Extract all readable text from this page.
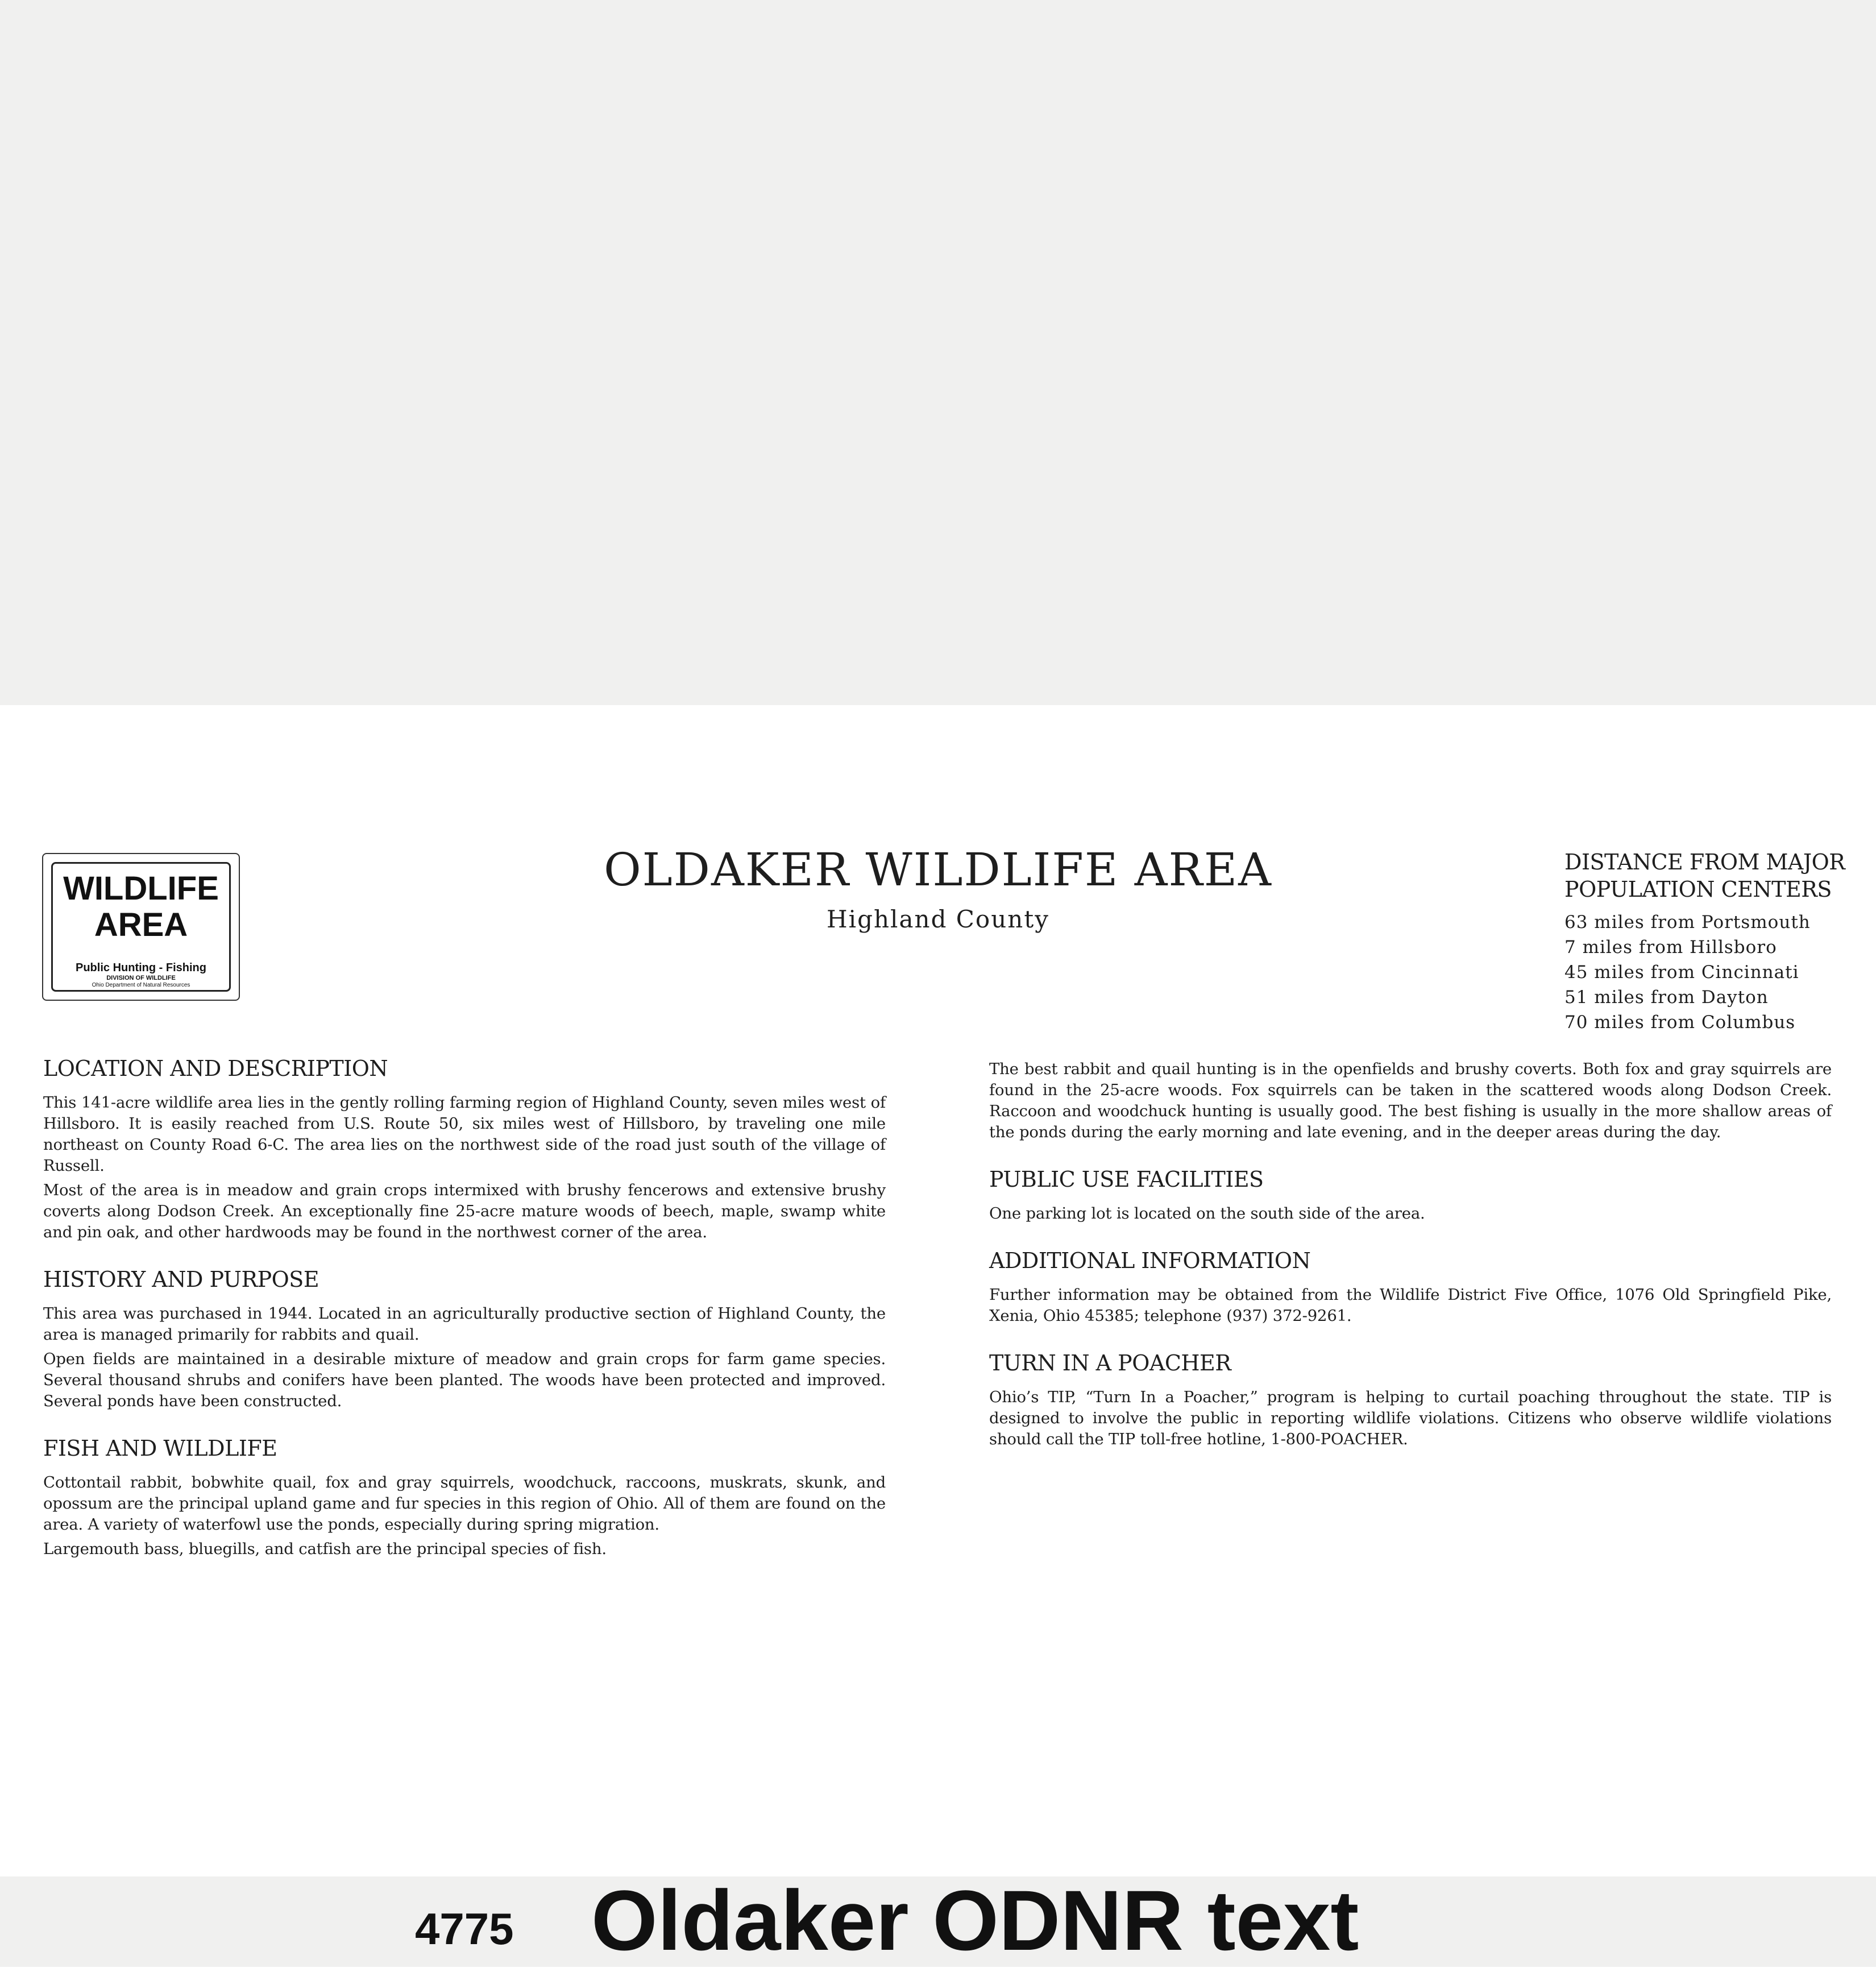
WILDLIFE
AREA
Public Hunting - Fishing
DIVISION OF WILDLIFE
Ohio Department of Natural Resources
OLDAKER WILDLIFE AREA
Highland County
DISTANCE FROM MAJOR
POPULATION CENTERS
63 miles from Portsmouth
7 miles from Hillsboro
45 miles from Cincinnati
51 miles from Dayton
70 miles from Columbus
LOCATION AND DESCRIPTION

This 141-acre wildlife area lies in the gently rolling farming region of Highland County, seven miles west of Hillsboro. It is easily reached from U.S. Route 50, six miles west of Hillsboro, by traveling one mile northeast on County Road 6-C. The area lies on the northwest side of the road just south of the village of Russell.

Most of the area is in meadow and grain crops intermixed with brushy fencerows and extensive brushy coverts along Dodson Creek. An exceptionally fine 25-acre mature woods of beech, maple, swamp white and pin oak, and other hardwoods may be found in the northwest corner of the area.

HISTORY AND PURPOSE

This area was purchased in 1944. Located in an agriculturally productive section of Highland County, the area is managed primarily for rabbits and quail.

Open fields are maintained in a desirable mixture of meadow and grain crops for farm game species. Several thousand shrubs and conifers have been planted. The woods have been protected and improved. Several ponds have been constructed.

FISH AND WILDLIFE

Cottontail rabbit, bobwhite quail, fox and gray squirrels, woodchuck, raccoons, muskrats, skunk, and opossum are the principal upland game and fur species in this region of Ohio. All of them are found on the area. A variety of waterfowl use the ponds, especially during spring migration.

Largemouth bass, bluegills, and catfish are the principal species of fish.

The best rabbit and quail hunting is in the openfields and brushy coverts. Both fox and gray squirrels are found in the 25-acre woods. Fox squirrels can be taken in the scattered woods along Dodson Creek. Raccoon and woodchuck hunting is usually good. The best fishing is usually in the more shallow areas of the ponds during the early morning and late evening, and in the deeper areas during the day.

PUBLIC USE FACILITIES

One parking lot is located on the south side of the area.

ADDITIONAL INFORMATION

Further information may be obtained from the Wildlife District Five Office, 1076 Old Springfield Pike, Xenia, Ohio 45385; telephone (937) 372-9261.

TURN IN A POACHER

Ohio’s TIP, “Turn In a Poacher,” program is helping to curtail poaching throughout the state. TIP is designed to involve the public in reporting wildlife violations. Citizens who observe wildlife violations should call the TIP toll-free hotline, 1-800-POACHER.

4775 Oldaker ODNR text
